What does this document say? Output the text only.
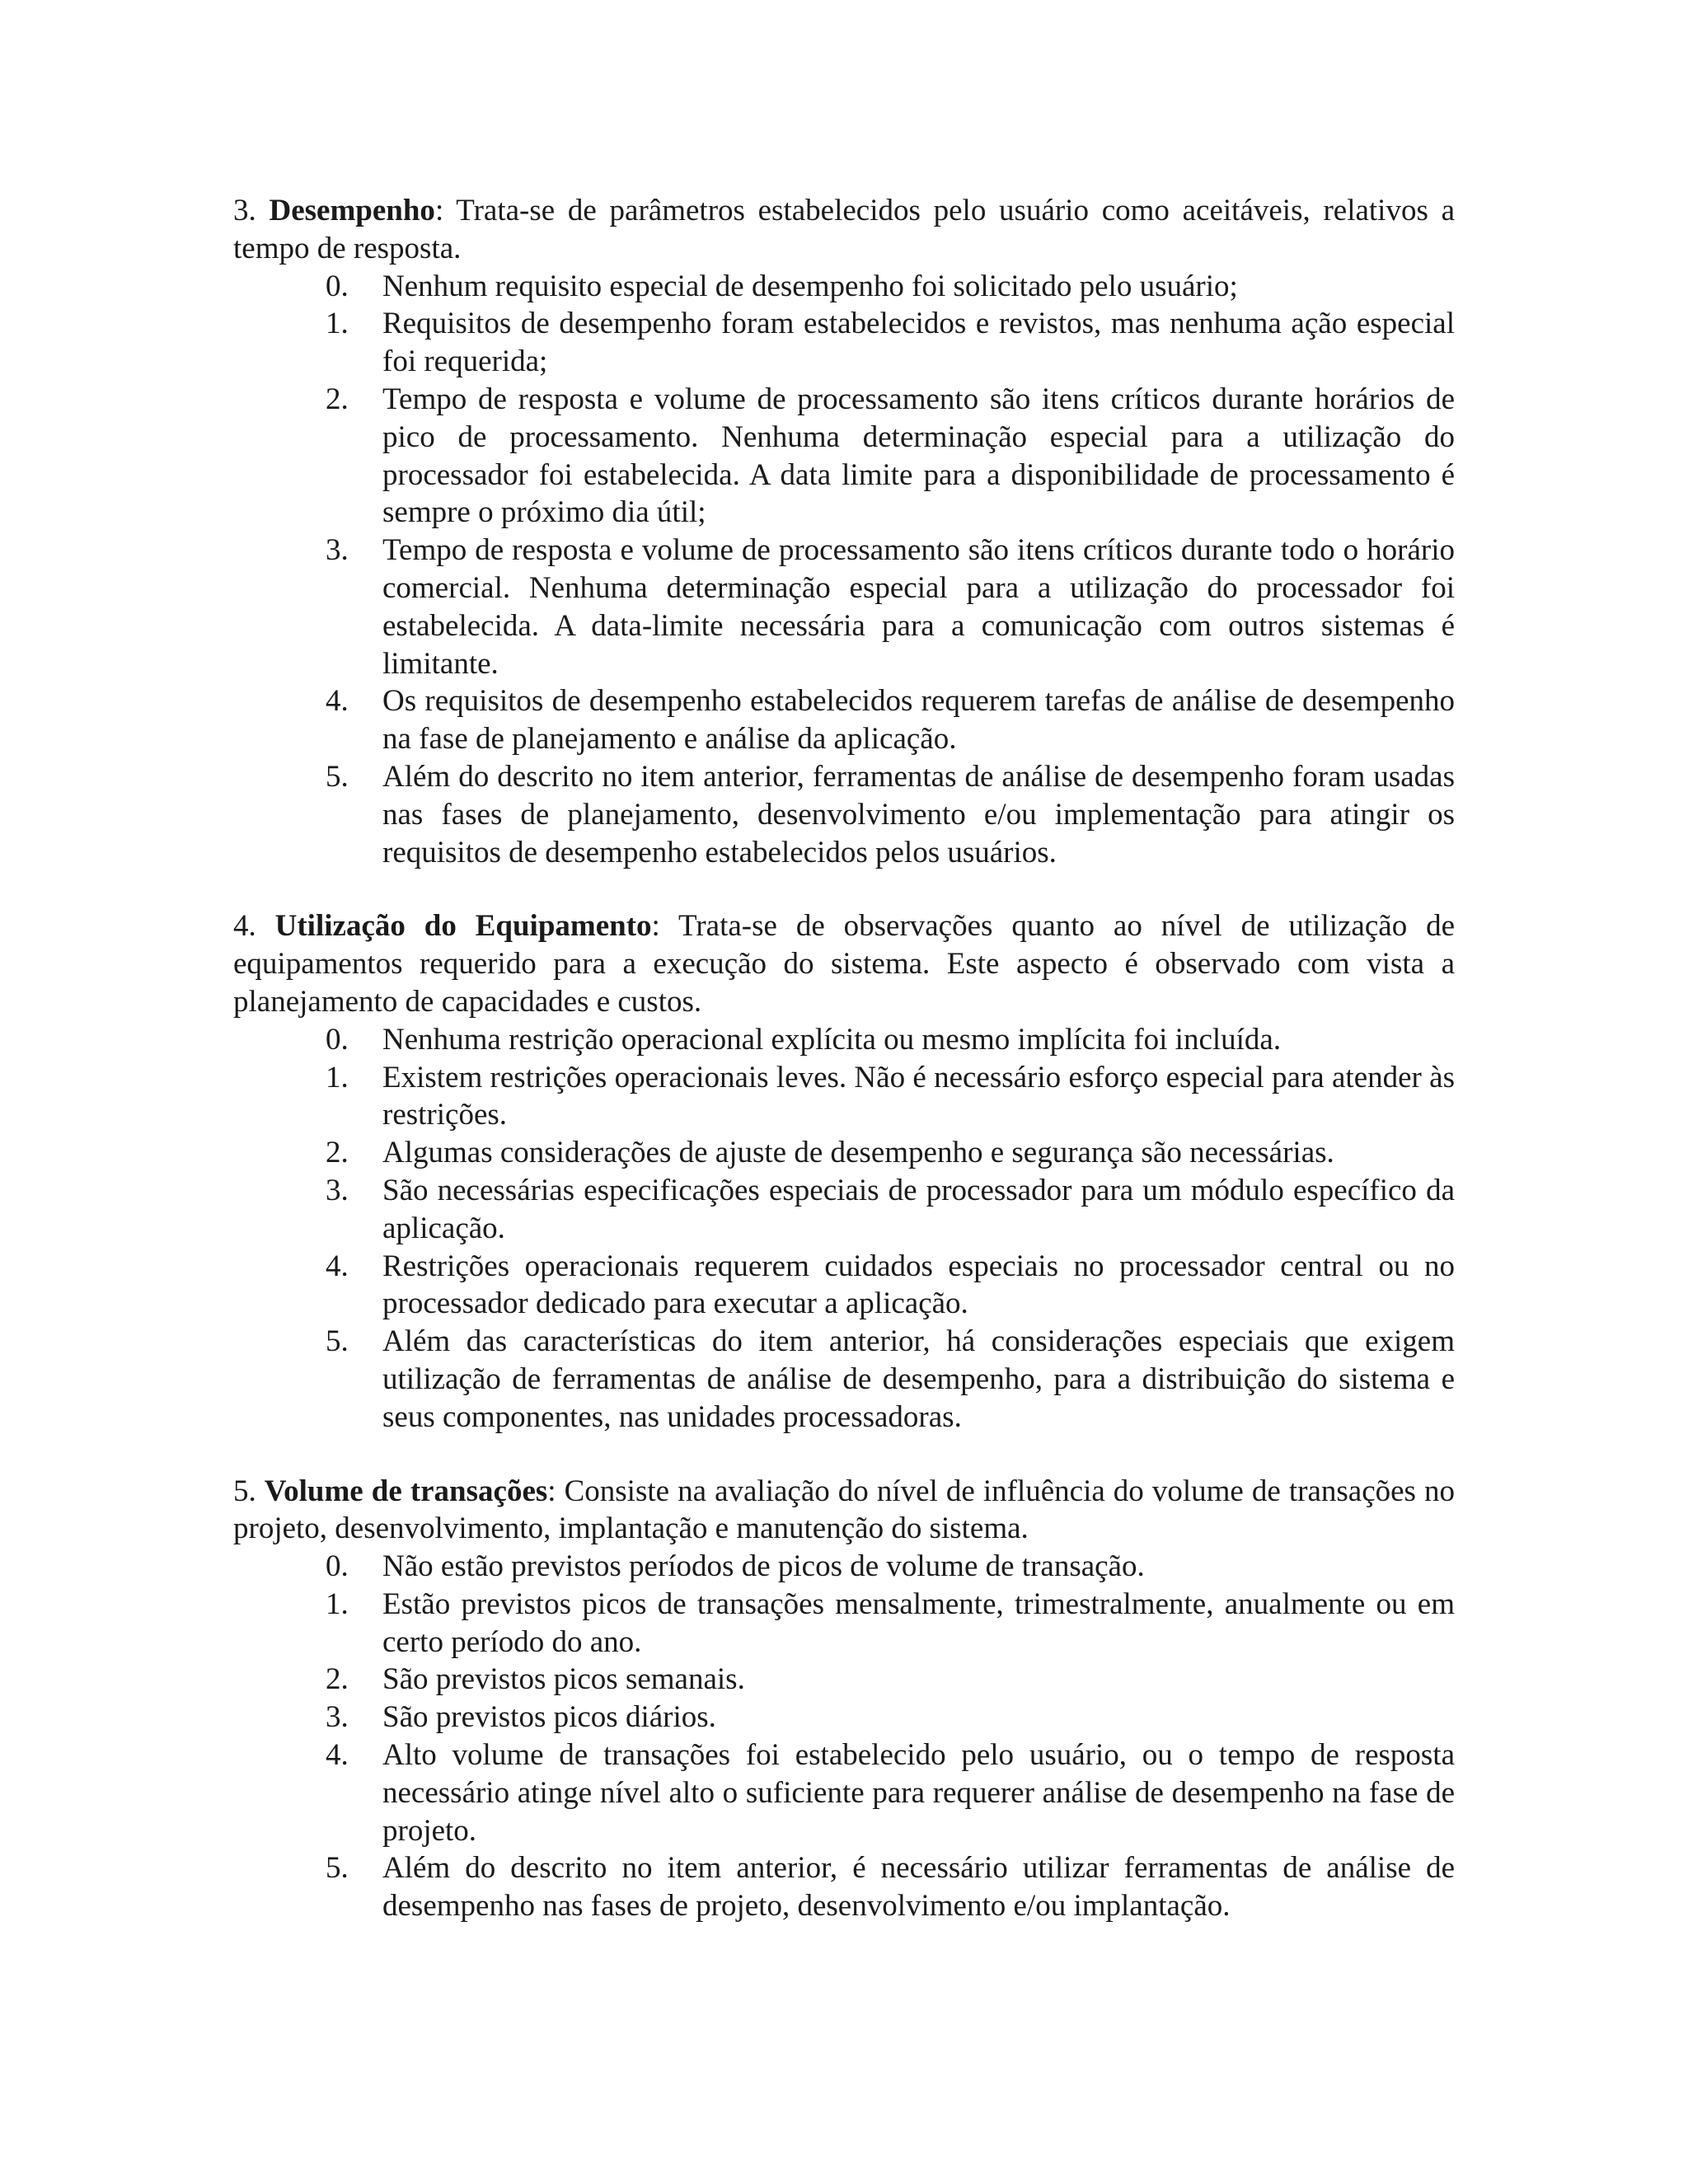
3. Desempenho: Trata-se de parâmetros estabelecidos pelo usuário como aceitáveis, relativos a tempo de resposta.

0. Nenhum requisito especial de desempenho foi solicitado pelo usuário;
1. Requisitos de desempenho foram estabelecidos e revistos, mas nenhuma ação especial foi requerida;
2. Tempo de resposta e volume de processamento são itens críticos durante horários de pico de processamento. Nenhuma determinação especial para a utilização do processador foi estabelecida. A data limite para a disponibilidade de processamento é sempre o próximo dia útil;
3. Tempo de resposta e volume de processamento são itens críticos durante todo o horário comercial. Nenhuma determinação especial para a utilização do processador foi estabelecida. A data-limite necessária para a comunicação com outros sistemas é limitante.
4. Os requisitos de desempenho estabelecidos requerem tarefas de análise de desempenho na fase de planejamento e análise da aplicação.
5. Além do descrito no item anterior, ferramentas de análise de desempenho foram usadas nas fases de planejamento, desenvolvimento e/ou implementação para atingir os requisitos de desempenho estabelecidos pelos usuários.

4. Utilização do Equipamento: Trata-se de observações quanto ao nível de utilização de equipamentos requerido para a execução do sistema. Este aspecto é observado com vista a planejamento de capacidades e custos.

0. Nenhuma restrição operacional explícita ou mesmo implícita foi incluída.
1. Existem restrições operacionais leves. Não é necessário esforço especial para atender às restrições.
2. Algumas considerações de ajuste de desempenho e segurança são necessárias.
3. São necessárias especificações especiais de processador para um módulo específico da aplicação.
4. Restrições operacionais requerem cuidados especiais no processador central ou no processador dedicado para executar a aplicação.
5. Além das características do item anterior, há considerações especiais que exigem utilização de ferramentas de análise de desempenho, para a distribuição do sistema e seus componentes, nas unidades processadoras.

5. Volume de transações: Consiste na avaliação do nível de influência do volume de transações no projeto, desenvolvimento, implantação e manutenção do sistema.

0. Não estão previstos períodos de picos de volume de transação.
1. Estão previstos picos de transações mensalmente, trimestralmente, anualmente ou em certo período do ano.
2. São previstos picos semanais.
3. São previstos picos diários.
4. Alto volume de transações foi estabelecido pelo usuário, ou o tempo de resposta necessário atinge nível alto o suficiente para requerer análise de desempenho na fase de projeto.
5. Além do descrito no item anterior, é necessário utilizar ferramentas de análise de desempenho nas fases de projeto, desenvolvimento e/ou implantação.
